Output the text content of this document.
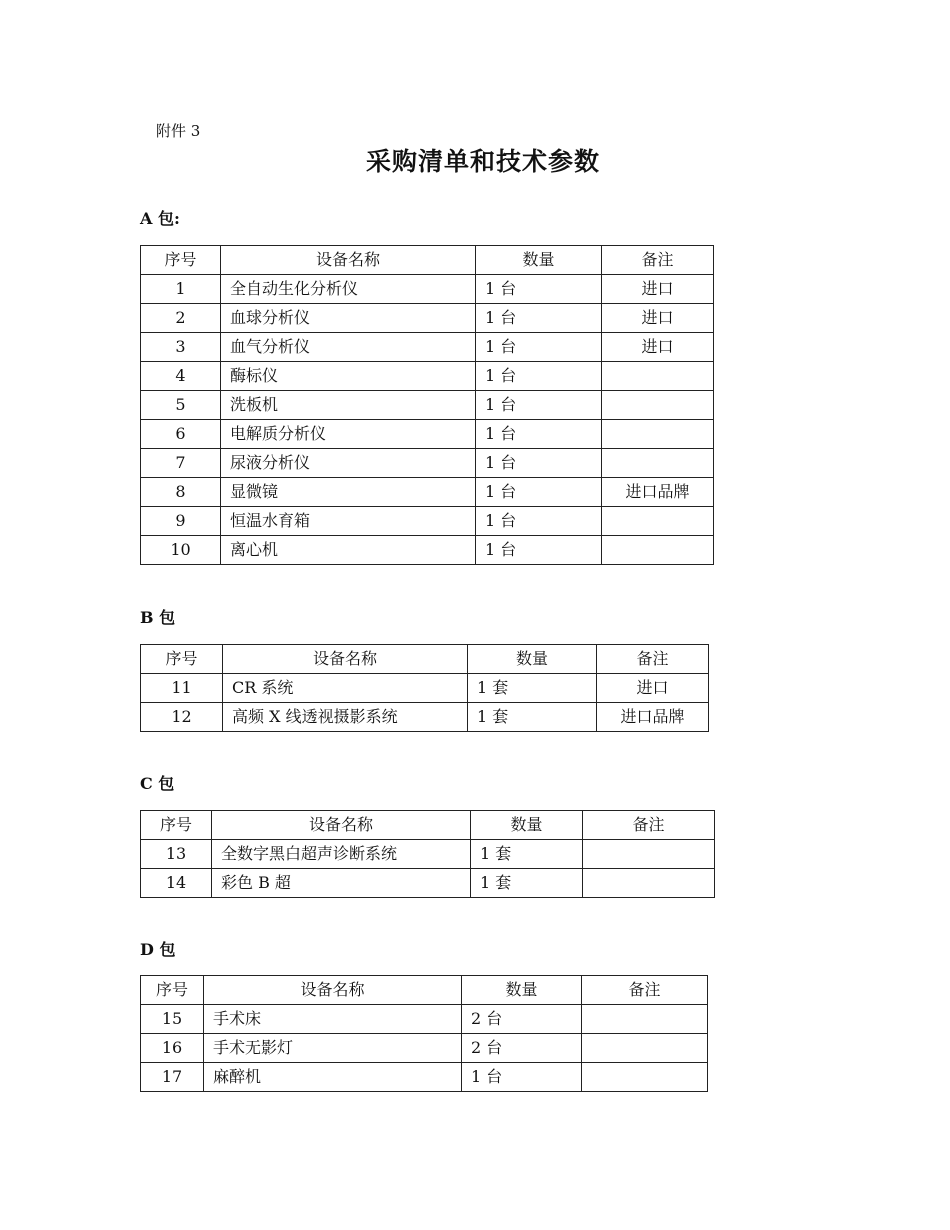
附件 3
采购清单和技术参数
A 包:
序号	设备名称	数量	备注
1	全自动生化分析仪	1 台	进口
2	血球分析仪	1 台	进口
3	血气分析仪	1 台	进口
4	酶标仪	1 台	
5	洗板机	1 台	
6	电解质分析仪	1 台	
7	尿液分析仪	1 台	
8	显微镜	1 台	进口品牌
9	恒温水育箱	1 台	
10	离心机	1 台	
B 包
序号	设备名称	数量	备注
11	CR 系统	1 套	进口
12	高频 X 线透视摄影系统	1 套	进口品牌
C 包
序号	设备名称	数量	备注
13	全数字黑白超声诊断系统	1 套	
14	彩色 B 超	1 套	
D 包
序号	设备名称	数量	备注
15	手术床	2 台	
16	手术无影灯	2 台	
17	麻醉机	1 台	
